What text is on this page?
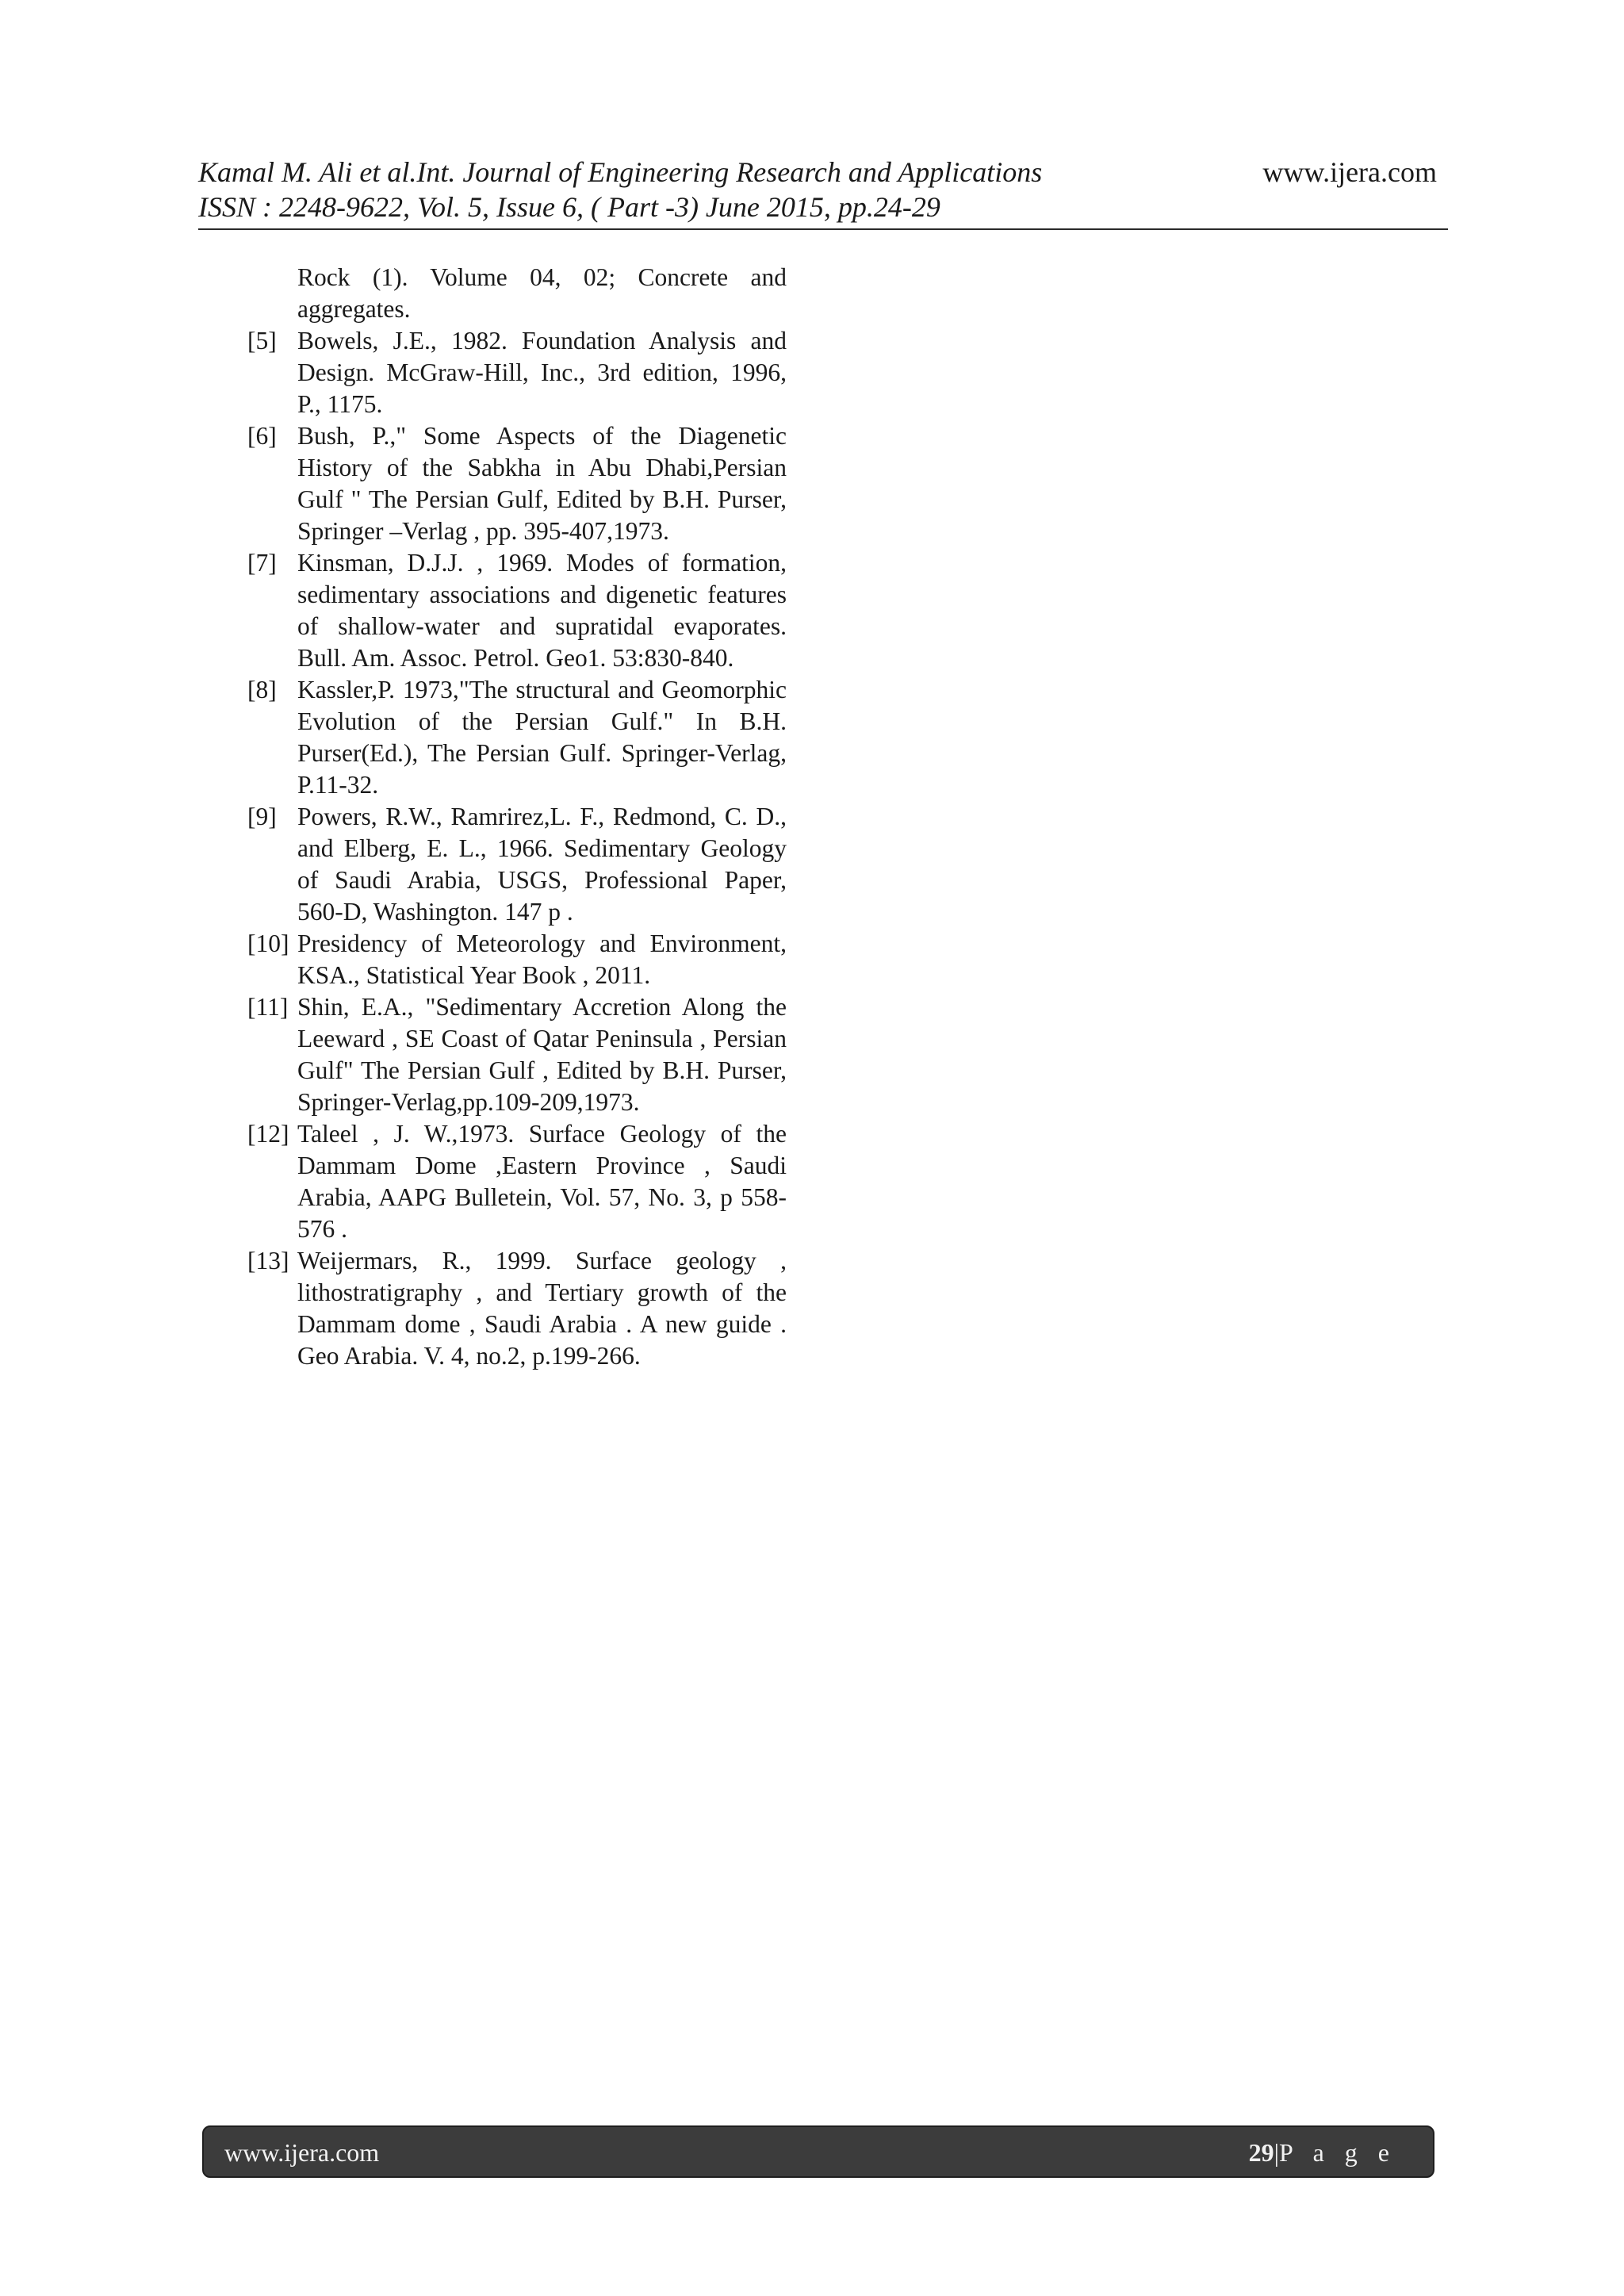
Kamal M. Ali et al.Int. Journal of Engineering Research and Applications
ISSN : 2248-9622, Vol. 5, Issue 6, ( Part -3) June 2015, pp.24-29
www.ijera.com
Rock (1). Volume 04, 02; Concrete and aggregates.
[5] Bowels, J.E., 1982. Foundation Analysis and Design. McGraw-Hill, Inc., 3rd edition, 1996, P., 1175.
[6] Bush, P.," Some Aspects of the Diagenetic History of the Sabkha in Abu Dhabi,Persian Gulf " The Persian Gulf, Edited by B.H. Purser, Springer –Verlag , pp. 395-407,1973.
[7] Kinsman, D.J.J. , 1969. Modes of formation, sedimentary associations and digenetic features of shallow-water and supratidal evaporates. Bull. Am. Assoc. Petrol. Geo1. 53:830-840.
[8] Kassler,P. 1973,"The structural and Geomorphic Evolution of the Persian Gulf." In B.H. Purser(Ed.), The Persian Gulf. Springer-Verlag, P.11-32.
[9] Powers, R.W., Ramrirez,L. F., Redmond, C. D., and Elberg, E. L., 1966. Sedimentary Geology of Saudi Arabia, USGS, Professional Paper, 560-D, Washington. 147 p .
[10] Presidency of Meteorology and Environment, KSA., Statistical Year Book , 2011.
[11] Shin, E.A., "Sedimentary Accretion Along the Leeward , SE Coast of Qatar Peninsula , Persian Gulf" The Persian Gulf , Edited by B.H. Purser, Springer-Verlag,pp.109-209,1973.
[12] Taleel , J. W.,1973. Surface Geology of the Dammam Dome ,Eastern Province , Saudi Arabia, AAPG Bulletein, Vol. 57, No. 3, p 558-576 .
[13] Weijermars, R., 1999. Surface geology , lithostratigraphy , and Tertiary growth of the Dammam dome , Saudi Arabia . A new guide . Geo Arabia. V. 4, no.2, p.199-266.
www.ijera.com	29|P a g e
